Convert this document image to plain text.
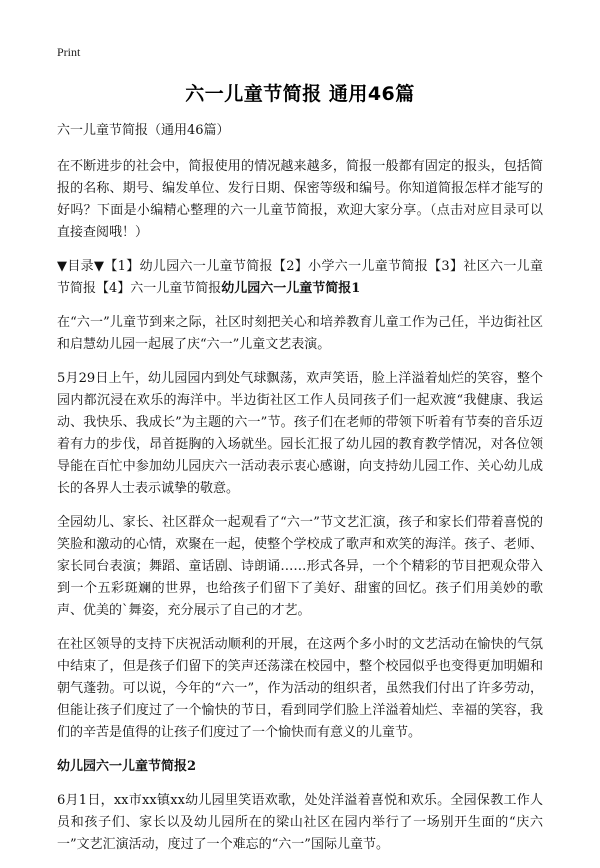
Print
六一儿童节简报 通用46篇

六一儿童节简报（通用46篇）

在不断进步的社会中，简报使用的情况越来越多，简报一般都有固定的报头，包括简报的名称、期号、编发单位、发行日期、保密等级和编号。你知道简报怎样才能写的好吗？下面是小编精心整理的六一儿童节简报，欢迎大家分享。（点击对应目录可以直接查阅哦！）

▼目录▼【1】幼儿园六一儿童节简报【2】小学六一儿童节简报【3】社区六一儿童节简报【4】六一儿童节简报幼儿园六一儿童节简报1

在“六一”儿童节到来之际，社区时刻把关心和培养教育儿童工作为己任，半边街社区和启慧幼儿园一起展了庆“六一”儿童文艺表演。

5月29日上午，幼儿园园内到处气球飘荡，欢声笑语，脸上洋溢着灿烂的笑容，整个园内都沉浸在欢乐的海洋中。半边街社区工作人员同孩子们一起欢渡“我健康、我运动、我快乐、我成长”为主题的六一”节。孩子们在老师的带领下听着有节奏的音乐迈着有力的步伐，昂首挺胸的入场就坐。园长汇报了幼儿园的教育教学情况，对各位领导能在百忙中参加幼儿园庆六一活动表示衷心感谢，向支持幼儿园工作、关心幼儿成长的各界人士表示诚挚的敬意。

全园幼儿、家长、社区群众一起观看了“六一”节文艺汇演，孩子和家长们带着喜悦的笑脸和激动的心情，欢聚在一起，使整个学校成了歌声和欢笑的海洋。孩子、老师、家长同台表演；舞蹈、童话剧、诗朗诵……形式各异，一个个精彩的节目把观众带入到一个五彩斑斓的世界，也给孩子们留下了美好、甜蜜的回忆。孩子们用美妙的歌声、优美的`舞姿，充分展示了自己的才艺。

在社区领导的支持下庆祝活动顺利的开展，在这两个多小时的文艺活动在愉快的气氛中结束了，但是孩子们留下的笑声还荡漾在校园中，整个校园似乎也变得更加明媚和朝气蓬勃。可以说，今年的“六一”，作为活动的组织者，虽然我们付出了许多劳动，但能让孩子们度过了一个愉快的节日，看到同学们脸上洋溢着灿烂、幸福的笑容，我们的辛苦是值得的让孩子们度过了一个愉快而有意义的儿童节。

幼儿园六一儿童节简报2

6月1日，xx市xx镇xx幼儿园里笑语欢歌，处处洋溢着喜悦和欢乐。全园保教工作人员和孩子们、家长以及幼儿园所在的梁山社区在园内举行了一场别开生面的“庆六一”文艺汇演活动，度过了一个难忘的“六一”国际儿童节。
